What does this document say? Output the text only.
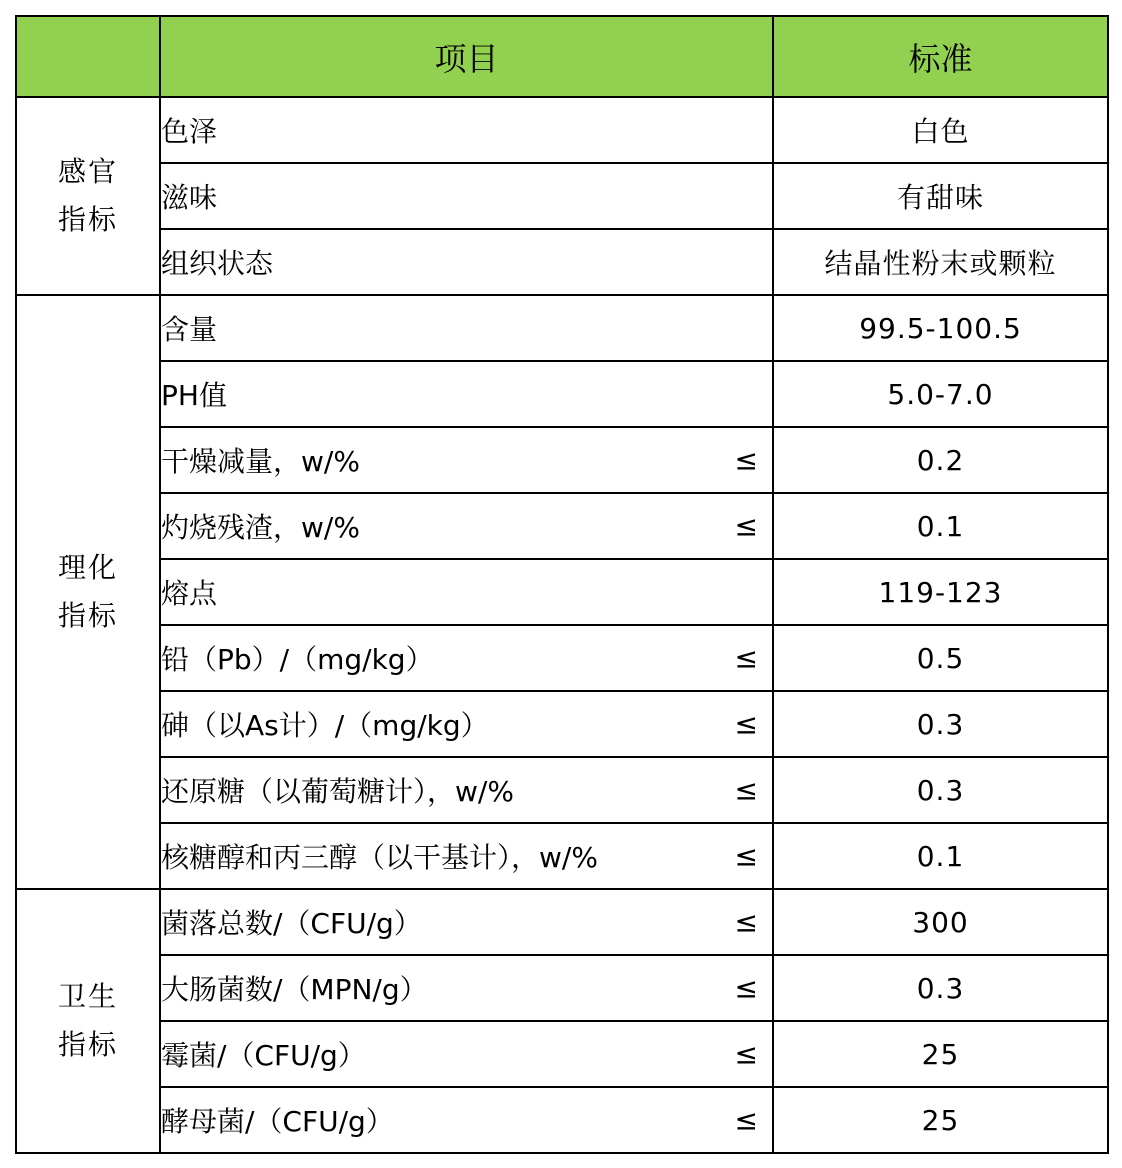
	项目	标准
感官
指标	色泽	白色
	滋味	有甜味
	组织状态	结晶性粉末或颗粒
理化
指标	含量	99.5-100.5
	PH值	5.0-7.0
	干燥减量，w/% ≤	0.2
	灼烧残渣，w/% ≤	0.1
	熔点	119-123
	铅（Pb）/（mg/kg） ≤	0.5
	砷（以As计）/（mg/kg） ≤	0.3
	还原糖（以葡萄糖计），w/% ≤	0.3
	核糖醇和丙三醇（以干基计），w/% ≤	0.1
卫生
指标	菌落总数/（CFU/g） ≤	300
	大肠菌数/（MPN/g） ≤	0.3
	霉菌/（CFU/g） ≤	25
	酵母菌/（CFU/g） ≤	25
